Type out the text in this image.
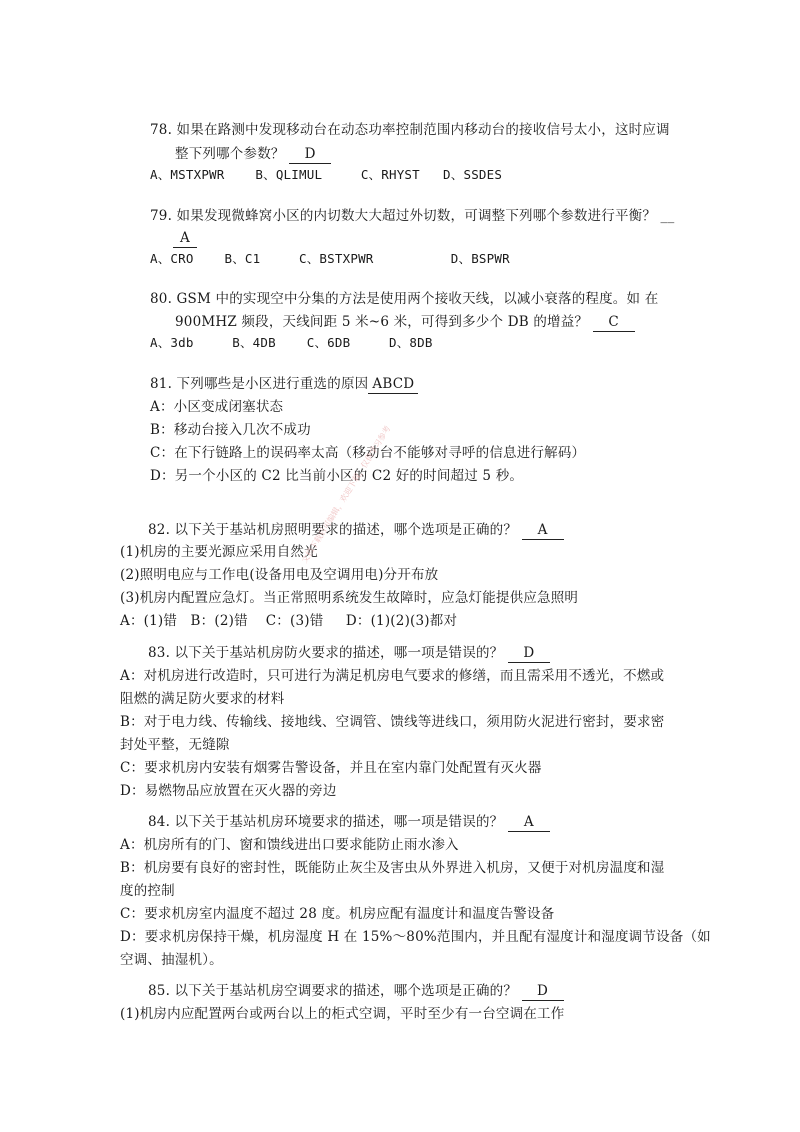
78. 如果在路测中发现移动台在动态功率控制范围内移动台的接收信号太小，这时应调
整下列哪个参数？ D
A、MSTXPWR    B、QLIMUL     C、RHYST   D、SSDES
79. 如果发现微蜂窝小区的内切数大大超过外切数，可调整下列哪个参数进行平衡？ __
A
A、CRO    B、C1     C、BSTXPWR          D、BSPWR
80. GSM 中的实现空中分集的方法是使用两个接收天线，以减小衰落的程度。如 在
900MHZ 频段，天线间距 5 米~6 米，可得到多少个 DB 的增益？ C
A、3db     B、4DB    C、6DB     D、8DB
81. 下列哪些是小区进行重选的原因 ABCD
A：小区变成闭塞状态
B：移动台接入几次不成功
C：在下行链路上的误码率太高（移动台不能够对寻呼的信息进行解码）
D：另一个小区的 C2 比当前小区的 C2 好的时间超过 5 秒。
82. 以下关于基站机房照明要求的描述，哪个选项是正确的？ A
(1)机房的主要光源应采用自然光
(2)照明电应与工作电(设备用电及空调用电)分开布放
(3)机房内配置应急灯。当正常照明系统发生故障时，应急灯能提供应急照明
A：(1)错   B：(2)错    C：(3)错     D：(1)(2)(3)都对
83. 以下关于基站机房防火要求的描述，哪一项是错误的？ D
A：对机房进行改造时，只可进行为满足机房电气要求的修缮，而且需采用不透光，不燃或
阻燃的满足防火要求的材料
B：对于电力线、传输线、接地线、空调管、馈线等进线口，须用防火泥进行密封，要求密
封处平整，无缝隙
C：要求机房内安装有烟雾告警设备，并且在室内靠门处配置有灭火器
D：易燃物品应放置在灭火器的旁边
84. 以下关于基站机房环境要求的描述，哪一项是错误的？ A
A：机房所有的门、窗和馈线进出口要求能防止雨水渗入
B：机房要有良好的密封性，既能防止灰尘及害虫从外界进入机房，又便于对机房温度和湿
度的控制
C：要求机房室内温度不超过 28 度。机房应配有温度计和温度告警设备
D：要求机房保持干燥，机房湿度 H 在 15%～80%范围内，并且配有湿度计和湿度调节设备（如
空调、抽湿机）。
85. 以下关于基站机房空调要求的描述，哪个选项是正确的？ D
(1)机房内应配置两台或两台以上的柜式空调，平时至少有一台空调在工作
文档下载后可编辑，欢迎下载，仅供学习参考
